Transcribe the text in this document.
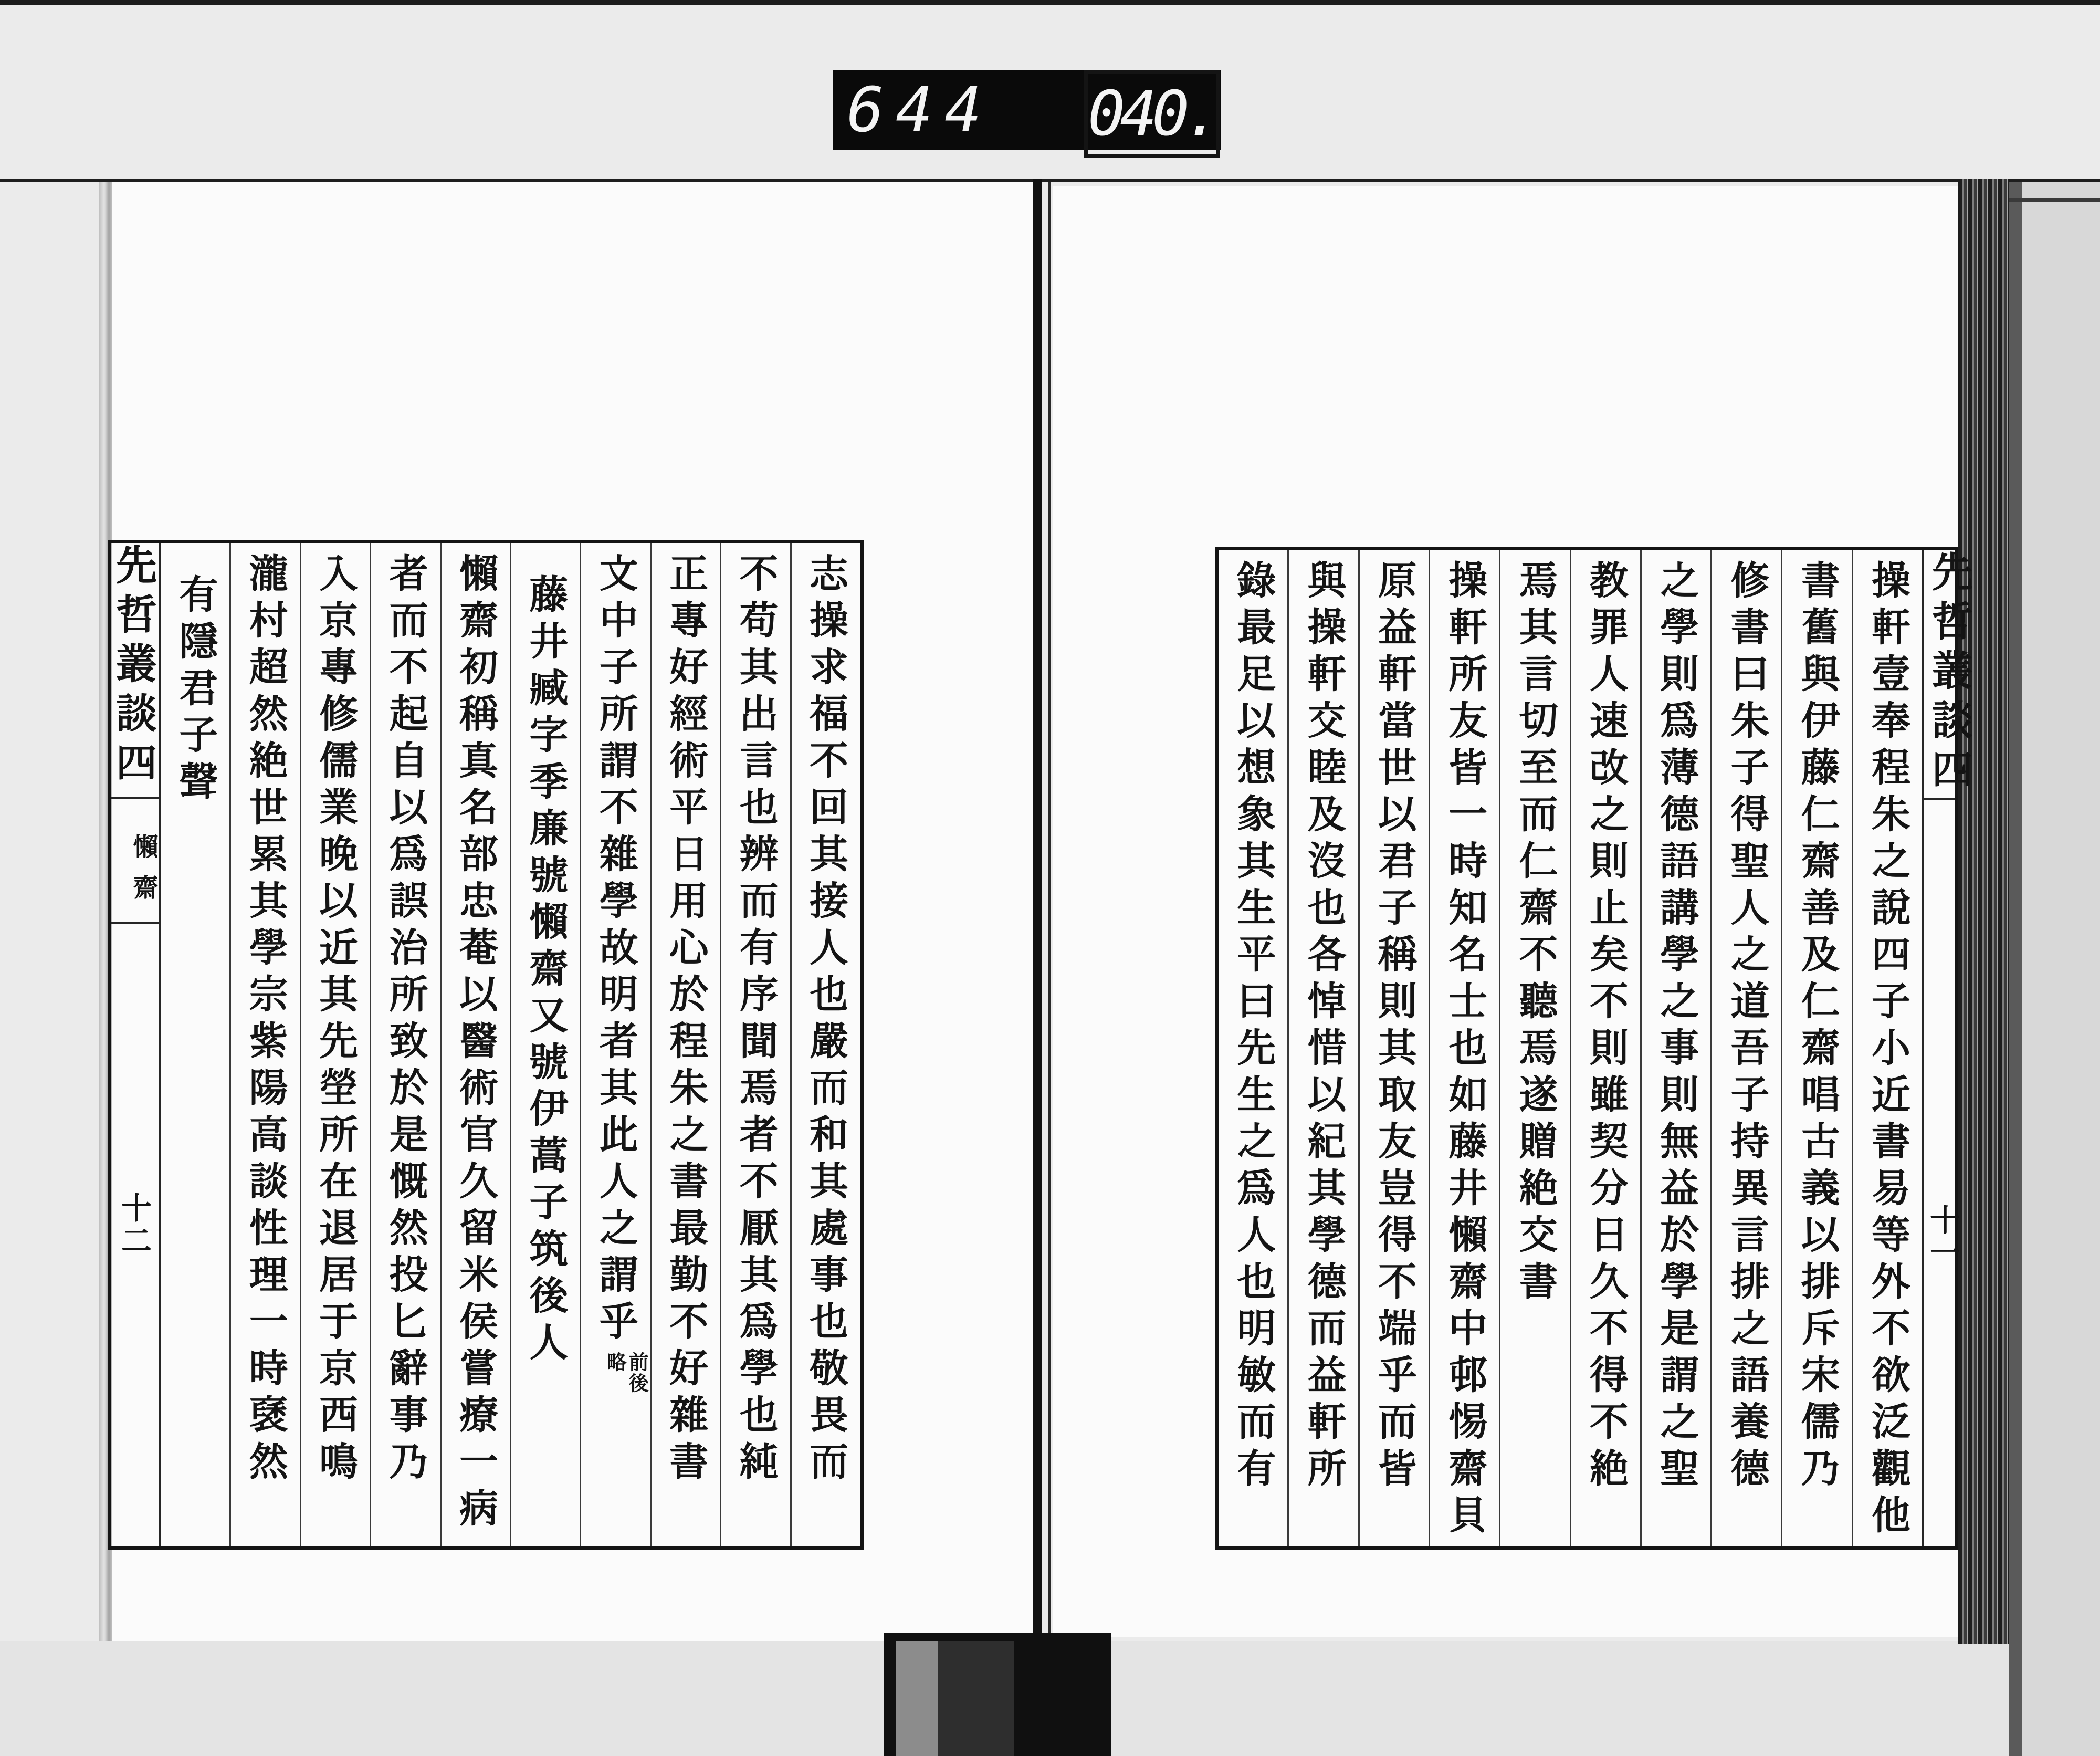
644 040.
操軒壹奉程朱之說四子小近書易等外不欲泛觀他
書舊與伊藤仁齋善及仁齋唱古義以排斥宋儒乃
修書曰朱子得聖人之道吾子持異言排之語養德
之學則爲薄德語講學之事則無益於學是謂之聖
教罪人速改之則止矣不則雖契分日久不得不絶
焉其言切至而仁齋不聽焉遂贈絶交書
操軒所友皆一時知名士也如藤井懶齋中邨惕齋貝
原益軒當世以君子稱則其取友豈得不端乎而皆
與操軒交睦及沒也各悼惜以紀其學德而益軒所
錄最足以想象其生平曰先生之爲人也明敏而有	先哲叢談四
十一
先哲叢談四
懶齋
十二	志操求福不回其接人也嚴而和其處事也敬畏而
不苟其出言也辨而有序聞焉者不厭其爲學也純
正專好經術平日用心於程朱之書最勤不好雜書
文中子所謂不雜學故明者其此人之謂乎前後略
藤井臧字季廉號懶齋又號伊蒿子筑後人
懶齋初稱真名部忠菴以醫術官久留米侯嘗療一病
者而不起自以爲誤治所致於是慨然投匕辭事乃
入京專修儒業晚以近其先塋所在退居于京西鳴
瀧村超然絶世累其學宗紫陽高談性理一時褎然
有隱君子聲
